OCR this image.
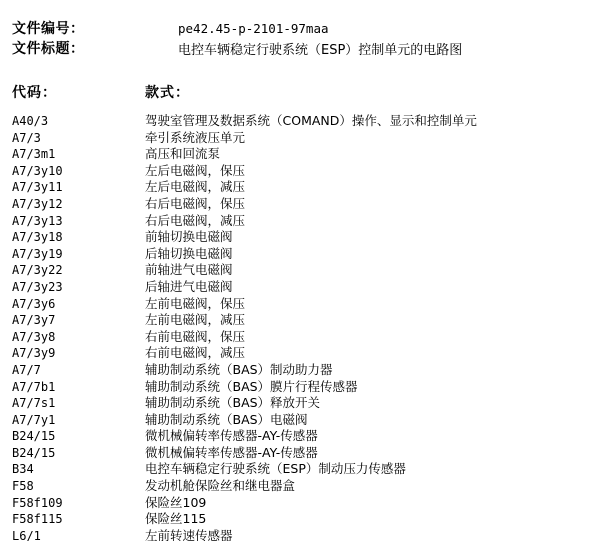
文件编号：	pe42.45-p-2101-97maa
文件标题：	电控车辆稳定行驶系统（ESP）控制单元的电路图
代码：	款式：
A40/3	驾驶室管理及数据系统（COMAND）操作、显示和控制单元
A7/3	牵引系统液压单元
A7/3m1	高压和回流泵
A7/3y10	左后电磁阀，保压
A7/3y11	左后电磁阀，减压
A7/3y12	右后电磁阀，保压
A7/3y13	右后电磁阀，减压
A7/3y18	前轴切换电磁阀
A7/3y19	后轴切换电磁阀
A7/3y22	前轴进气电磁阀
A7/3y23	后轴进气电磁阀
A7/3y6	左前电磁阀，保压
A7/3y7	左前电磁阀，减压
A7/3y8	右前电磁阀，保压
A7/3y9	右前电磁阀，减压
A7/7	辅助制动系统（BAS）制动助力器
A7/7b1	辅助制动系统（BAS）膜片行程传感器
A7/7s1	辅助制动系统（BAS）释放开关
A7/7y1	辅助制动系统（BAS）电磁阀
B24/15	微机械偏转率传感器-AY-传感器
B24/15	微机械偏转率传感器-AY-传感器
B34	电控车辆稳定行驶系统（ESP）制动压力传感器
F58	发动机舱保险丝和继电器盒
F58f109	保险丝109
F58f115	保险丝115
L6/1	左前转速传感器
